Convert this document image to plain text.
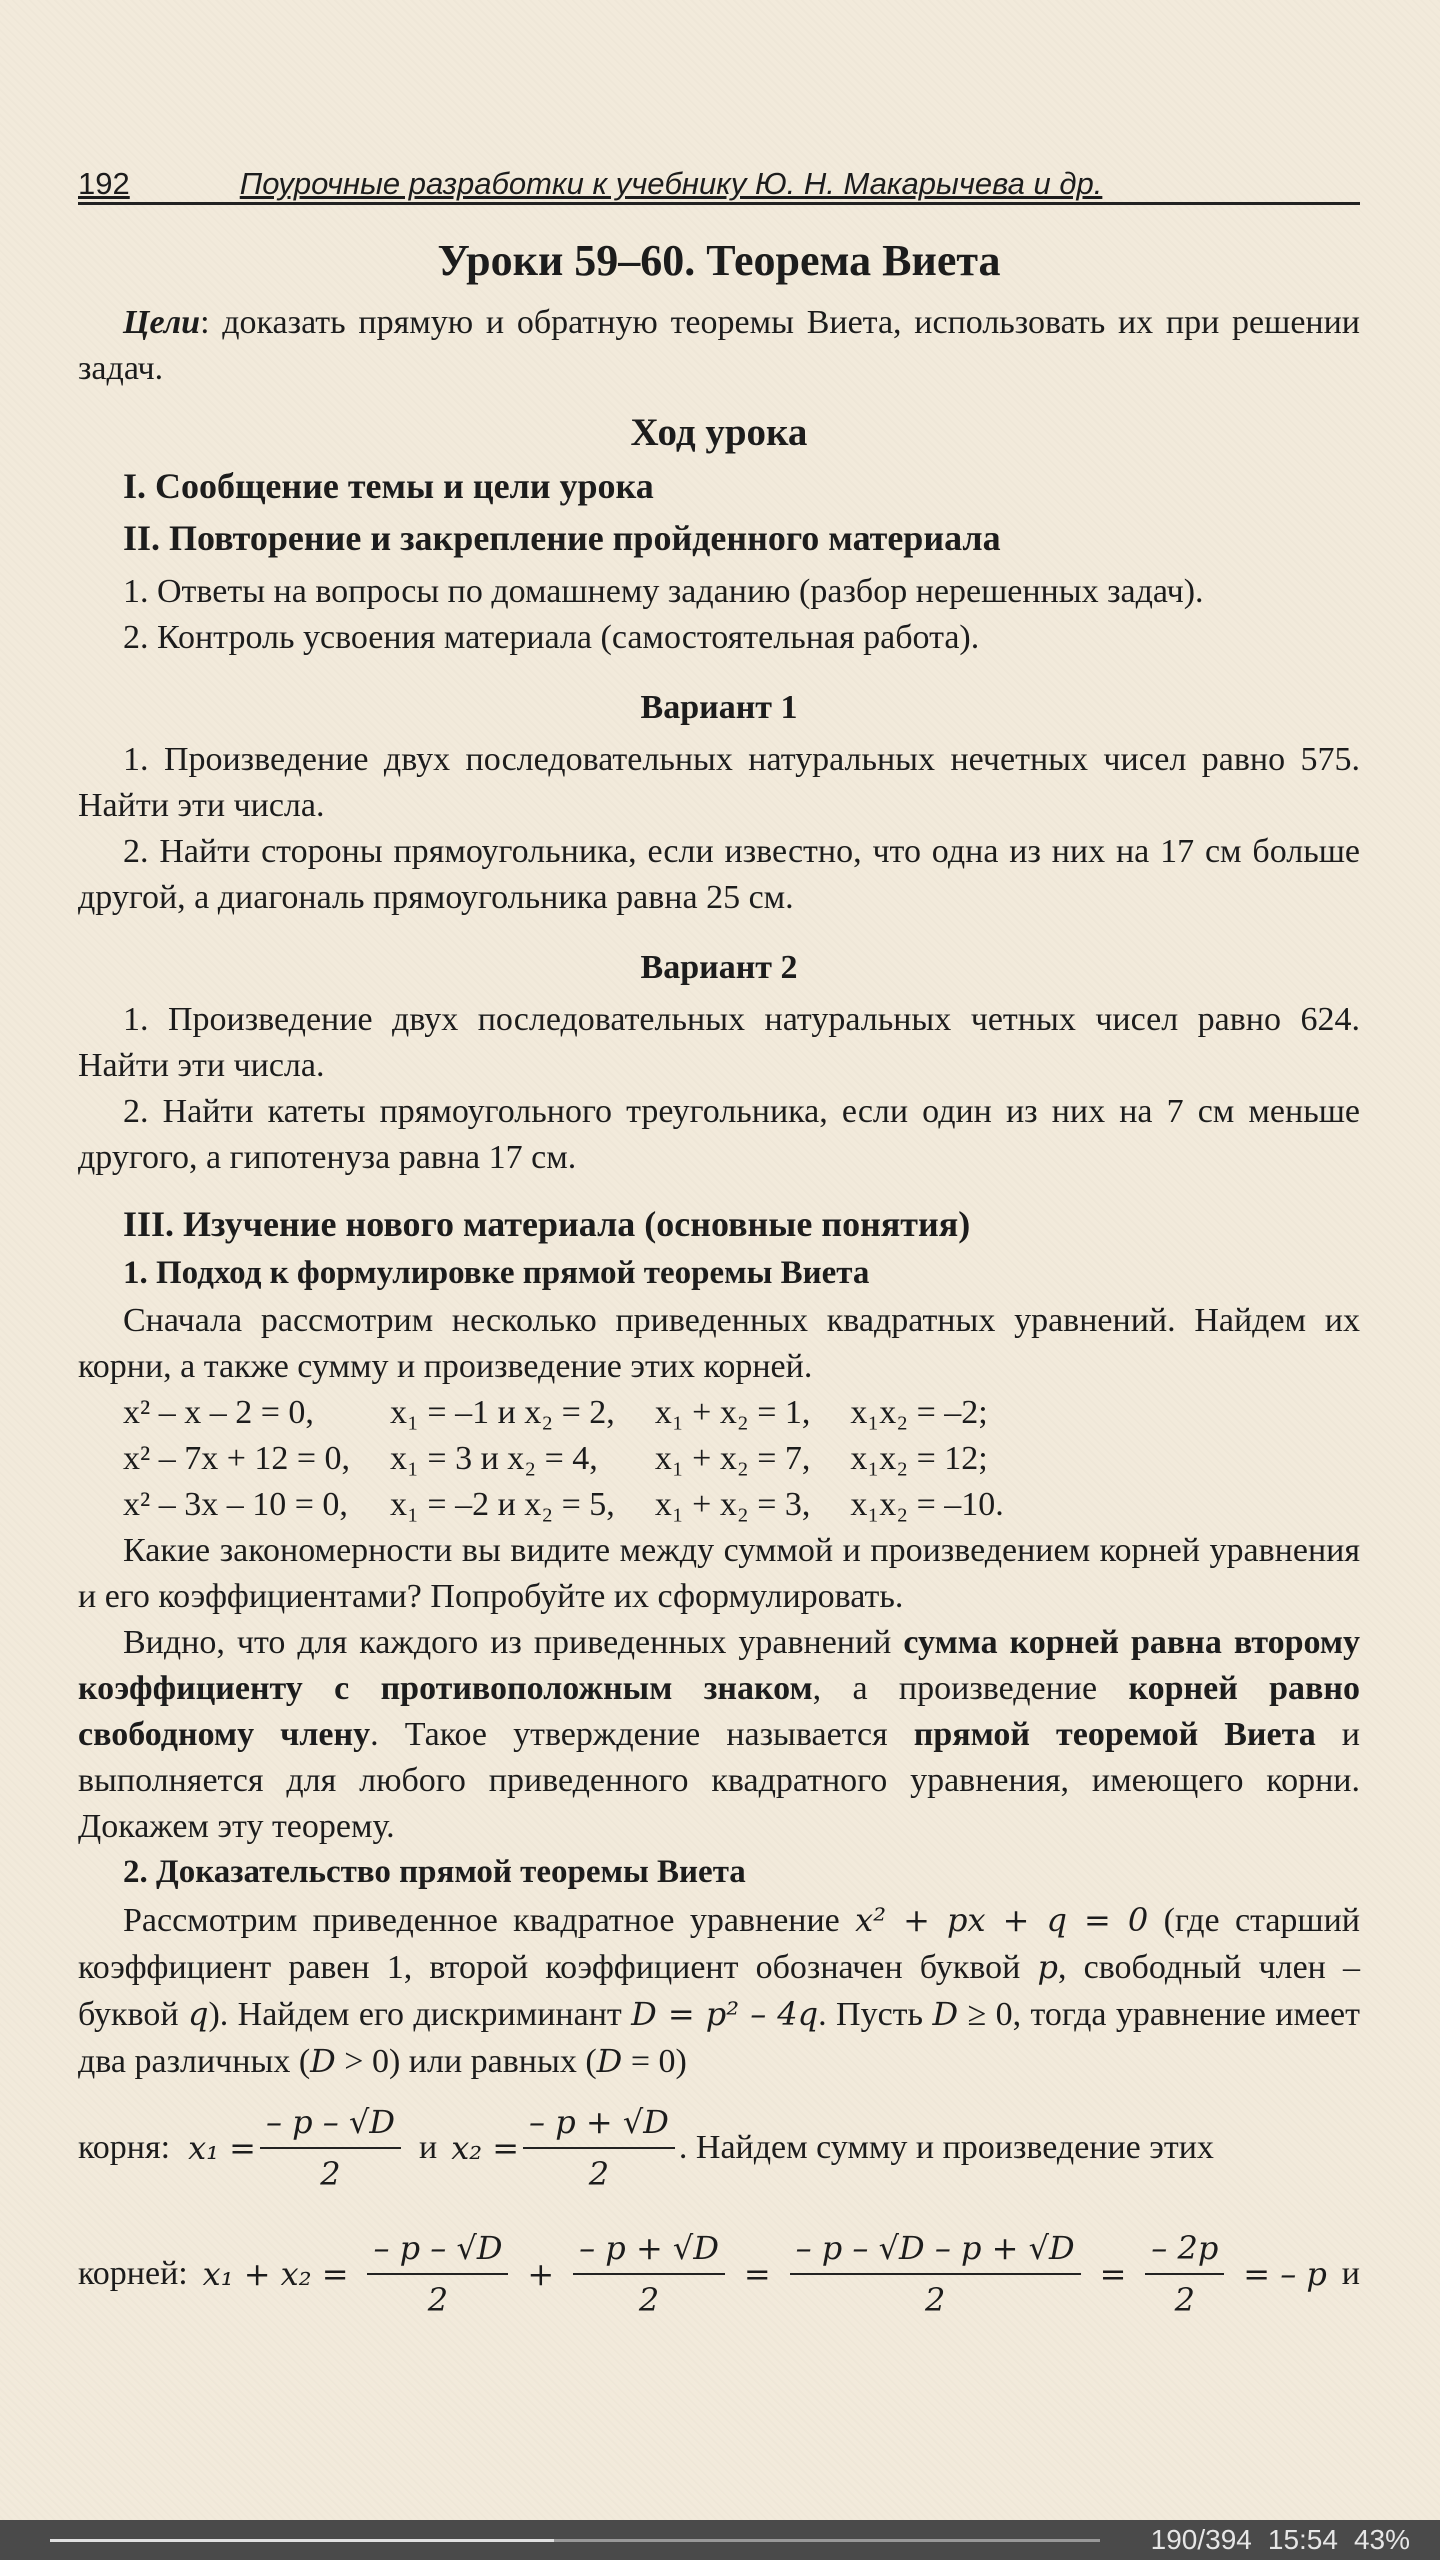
192	Поурочные разработки к учебнику Ю. Н. Макарычева и др.
Уроки 59–60. Теорема Виета

Цели: доказать прямую и обратную теоремы Виета, использовать их при решении задач.

Ход урока
I. Сообщение темы и цели урока
II. Повторение и закрепление пройденного материала

1. Ответы на вопросы по домашнему заданию (разбор нерешенных задач).

2. Контроль усвоения материала (самостоятельная работа).

Вариант 1

1. Произведение двух последовательных натуральных нечетных чисел равно 575. Найти эти числа.

2. Найти стороны прямоугольника, если известно, что одна из них на 17 см больше другой, а диагональ прямоугольника равна 25 см.

Вариант 2

1. Произведение двух последовательных натуральных четных чисел равно 624. Найти эти числа.

2. Найти катеты прямоугольного треугольника, если один из них на 7 см меньше другого, а гипотенуза равна 17 см.

III. Изучение нового материала (основные понятия)
1. Подход к формулировке прямой теоремы Виета

Сначала рассмотрим несколько приведенных квадратных уравнений. Найдем их корни, а также сумму и произведение этих корней.

x² – x – 2 = 0,	x₁ = –1 и x₂ = 2,	x₁ + x₂ = 1,	x₁x₂ = –2;
x² – 7x + 12 = 0,	x₁ = 3 и x₂ = 4,	x₁ + x₂ = 7,	x₁x₂ = 12;
x² – 3x – 10 = 0,	x₁ = –2 и x₂ = 5,	x₁ + x₂ = 3,	x₁x₂ = –10.

Какие закономерности вы видите между суммой и произведением корней уравнения и его коэффициентами? Попробуйте их сформулировать.

Видно, что для каждого из приведенных уравнений сумма корней равна второму коэффициенту с противоположным знаком, а произведение корней равно свободному члену. Такое утверждение называется прямой теоремой Виета и выполняется для любого приведенного квадратного уравнения, имеющего корни. Докажем эту теорему.

2. Доказательство прямой теоремы Виета

Рассмотрим приведенное квадратное уравнение x² + px + q = 0 (где старший коэффициент равен 1, второй коэффициент обозначен буквой p, свободный член – буквой q). Найдем его дискриминант D = p² – 4q. Пусть D ≥ 0, тогда уравнение имеет два различных (D > 0) или равных (D = 0)

корня: $x_1 = \frac{- p - √D}{2}$ и $x_2 = \frac{- p + √D}{2}$ . Найдем сумму и произведение этих
корней: $x_1 + x_2 = \frac{- p - √D}{2} + \frac{- p + √D}{2} = \frac{- p - √D - p + √D}{2} = \frac{- 2p}{2}$ = – p и
190/394 15:54 43%
